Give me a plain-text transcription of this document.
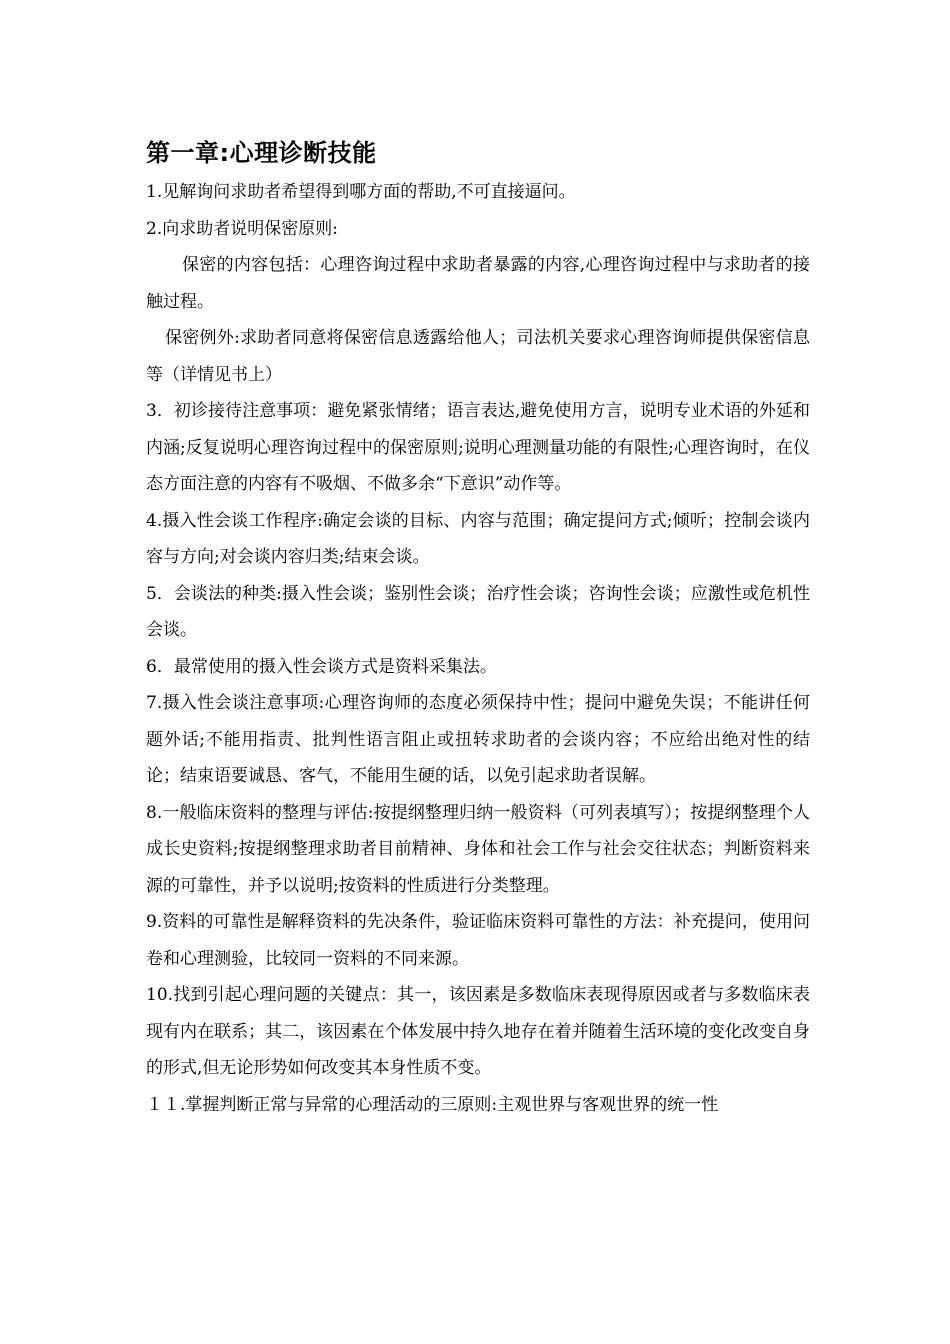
第一章:心理诊断技能

1.见解询问求助者希望得到哪方面的帮助,不可直接逼问。

2.向求助者说明保密原则:

保密的内容包括：心理咨询过程中求助者暴露的内容,心理咨询过程中与求助者的接触过程。

保密例外:求助者同意将保密信息透露给他人；司法机关要求心理咨询师提供保密信息等（详情见书上）

3．初诊接待注意事项：避免紧张情绪；语言表达,避免使用方言，说明专业术语的外延和内涵;反复说明心理咨询过程中的保密原则;说明心理测量功能的有限性;心理咨询时，在仪态方面注意的内容有不吸烟、不做多余“下意识”动作等。

4.摄入性会谈工作程序:确定会谈的目标、内容与范围；确定提问方式;倾听；控制会谈内容与方向;对会谈内容归类;结束会谈。

5．会谈法的种类:摄入性会谈；鉴别性会谈；治疗性会谈；咨询性会谈；应激性或危机性会谈。

6．最常使用的摄入性会谈方式是资料采集法。

7.摄入性会谈注意事项:心理咨询师的态度必须保持中性；提问中避免失误；不能讲任何题外话;不能用指责、批判性语言阻止或扭转求助者的会谈内容；不应给出绝对性的结论；结束语要诚恳、客气，不能用生硬的话，以免引起求助者误解。

8.一般临床资料的整理与评估:按提纲整理归纳一般资料（可列表填写）；按提纲整理个人成长史资料;按提纲整理求助者目前精神、身体和社会工作与社会交往状态；判断资料来源的可靠性，并予以说明;按资料的性质进行分类整理。

9.资料的可靠性是解释资料的先决条件，验证临床资料可靠性的方法：补充提问，使用问卷和心理测验，比较同一资料的不同来源。

10.找到引起心理问题的关键点：其一，该因素是多数临床表现得原因或者与多数临床表现有内在联系；其二，该因素在个体发展中持久地存在着并随着生活环境的变化改变自身的形式,但无论形势如何改变其本身性质不变。

１１.掌握判断正常与异常的心理活动的三原则:主观世界与客观世界的统一性
